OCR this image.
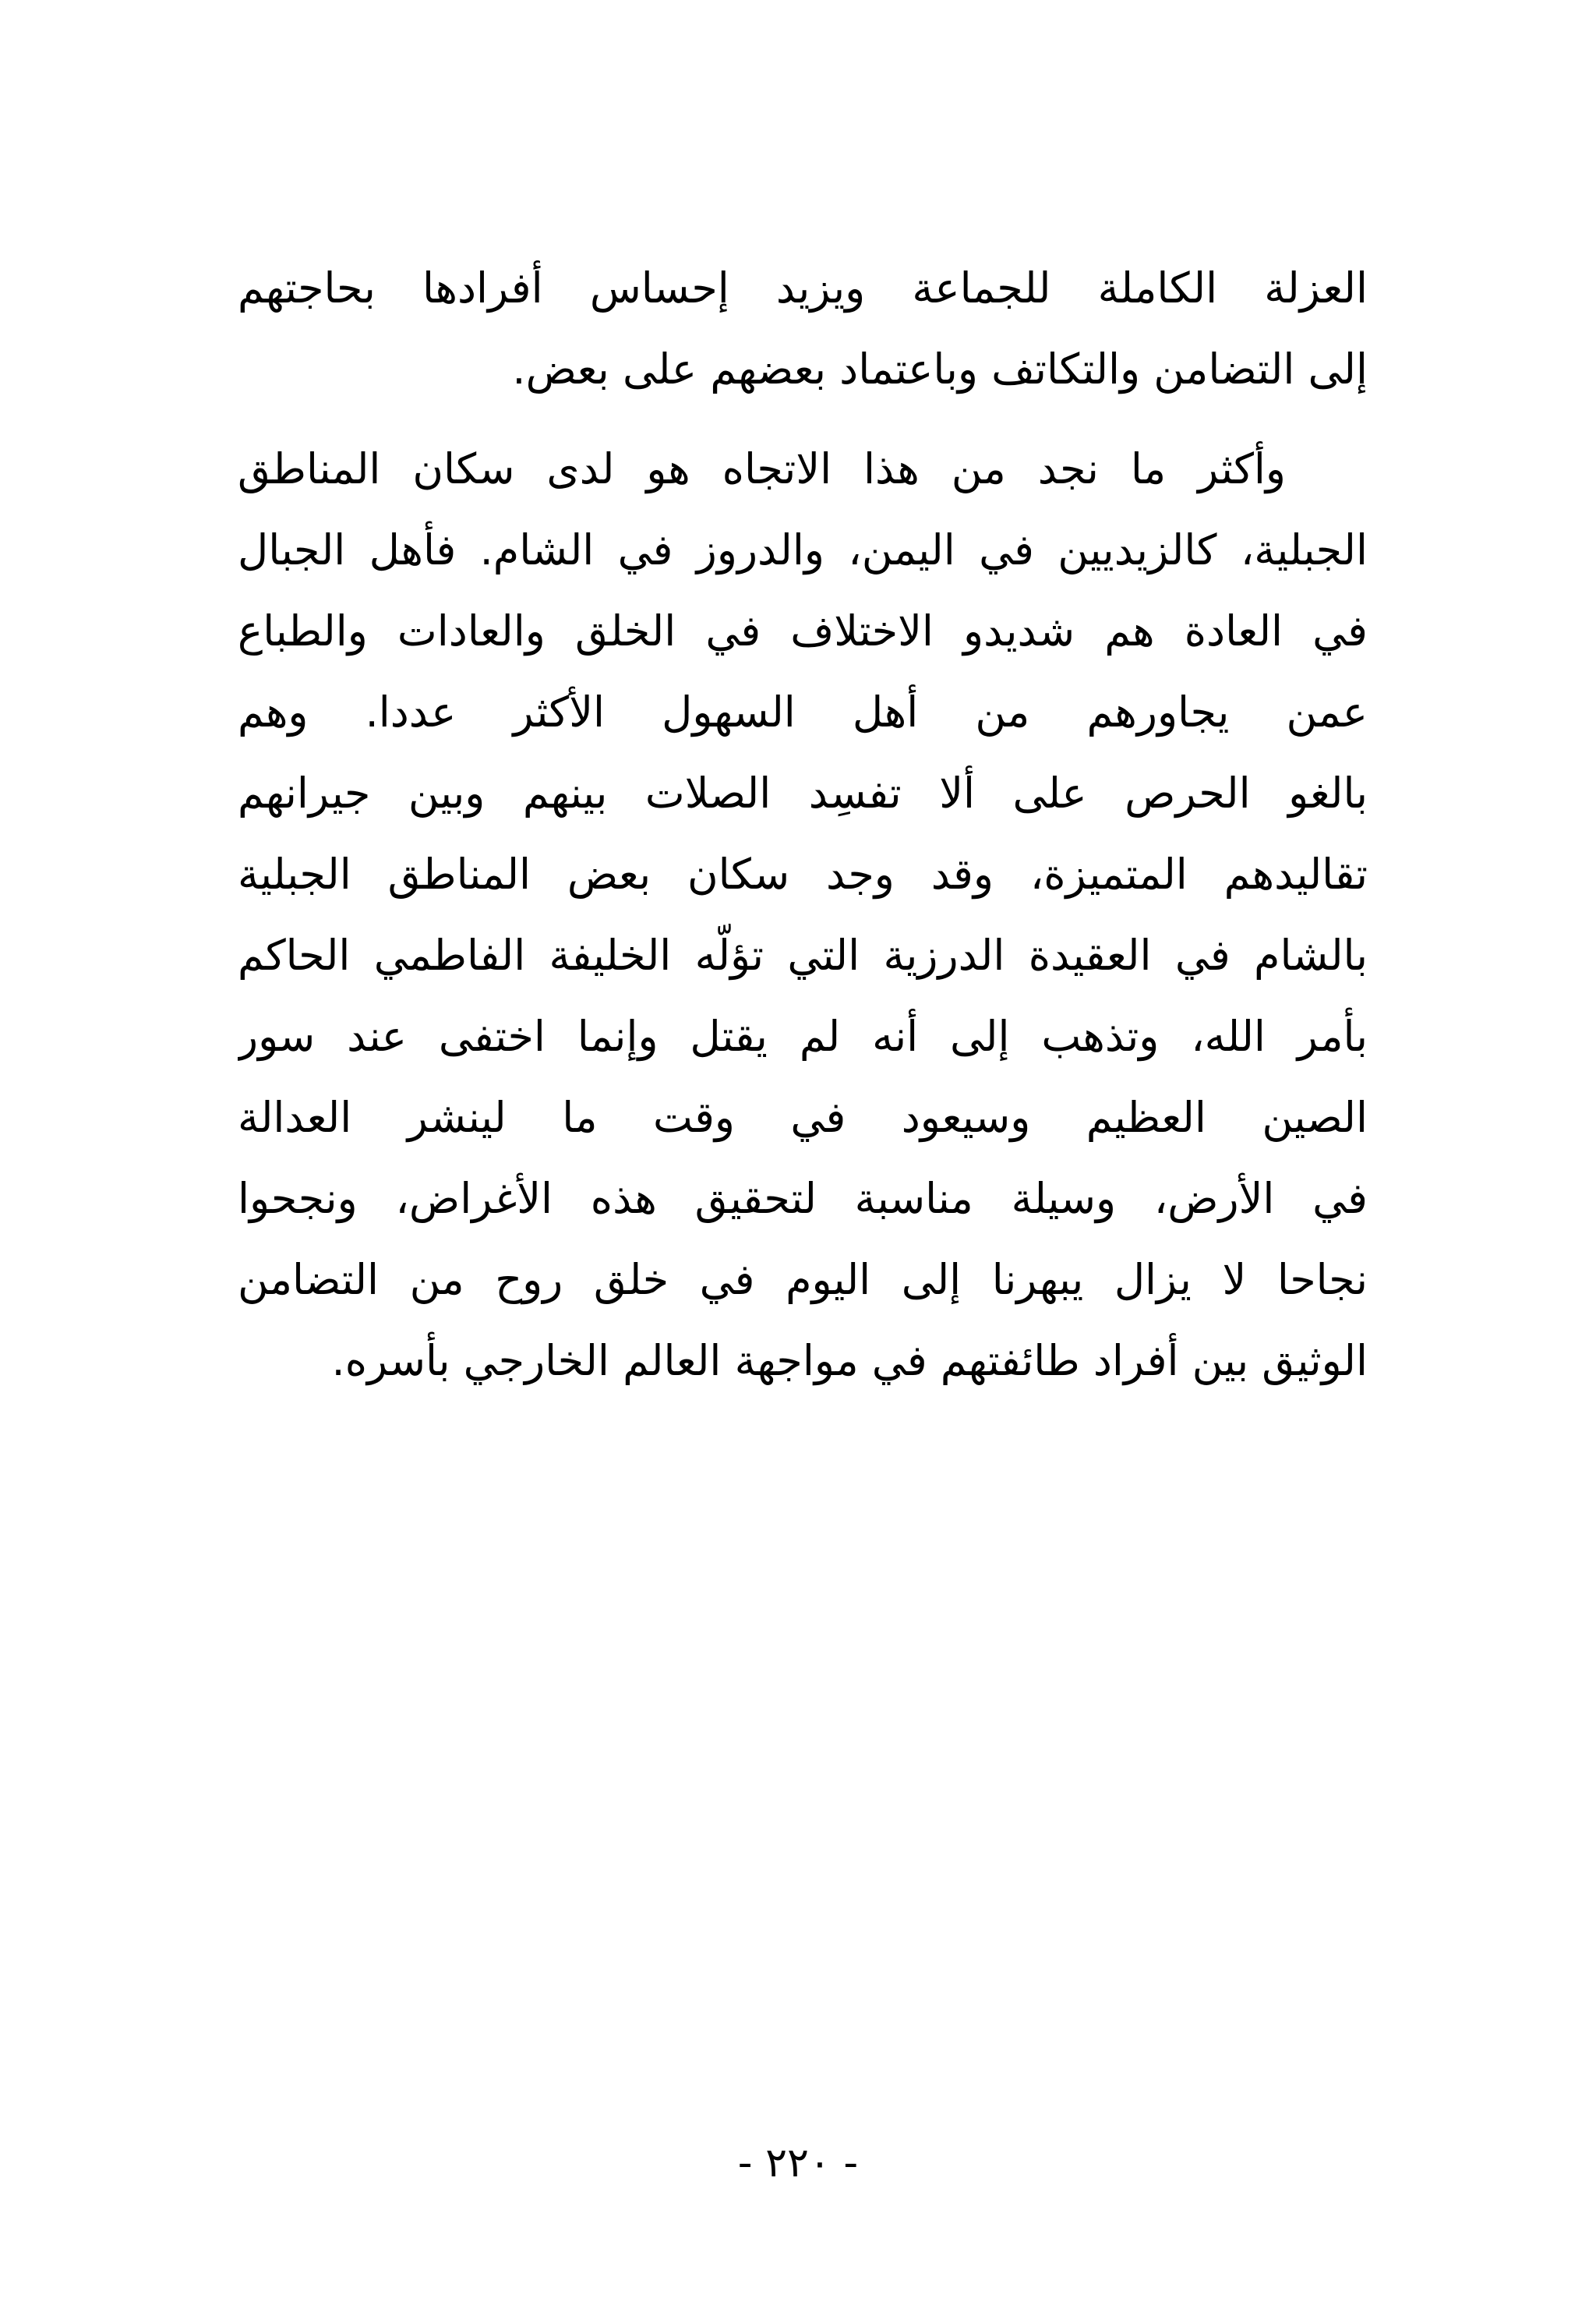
العزلة الكاملة للجماعة ويزيد إحساس أفرادها بحاجتهم
إلى التضامن والتكاتف وباعتماد بعضهم على بعض.
وأكثر ما نجد من هذا الاتجاه هو لدى سكان المناطق
الجبلية، كالزيديين في اليمن، والدروز في الشام. فأهل الجبال
في العادة هم شديدو الاختلاف في الخلق والعادات والطباع
عمن يجاورهم من أهل السهول الأكثر عددا. وهم
بالغو الحرص على ألا تفسِد الصلات بينهم وبين جيرانهم
تقاليدهم المتميزة، وقد وجد سكان بعض المناطق الجبلية
بالشام في العقيدة الدرزية التي تؤلّه الخليفة الفاطمي الحاكم
بأمر الله، وتذهب إلى أنه لم يقتل وإنما اختفى عند سور
الصين العظيم وسيعود في وقت ما لينشر العدالة
في الأرض، وسيلة مناسبة لتحقيق هذه الأغراض، ونجحوا
نجاحا لا يزال يبهرنا إلى اليوم في خلق روح من التضامن
الوثيق بين أفراد طائفتهم في مواجهة العالم الخارجي بأسره.
- ٢٢٠ -
